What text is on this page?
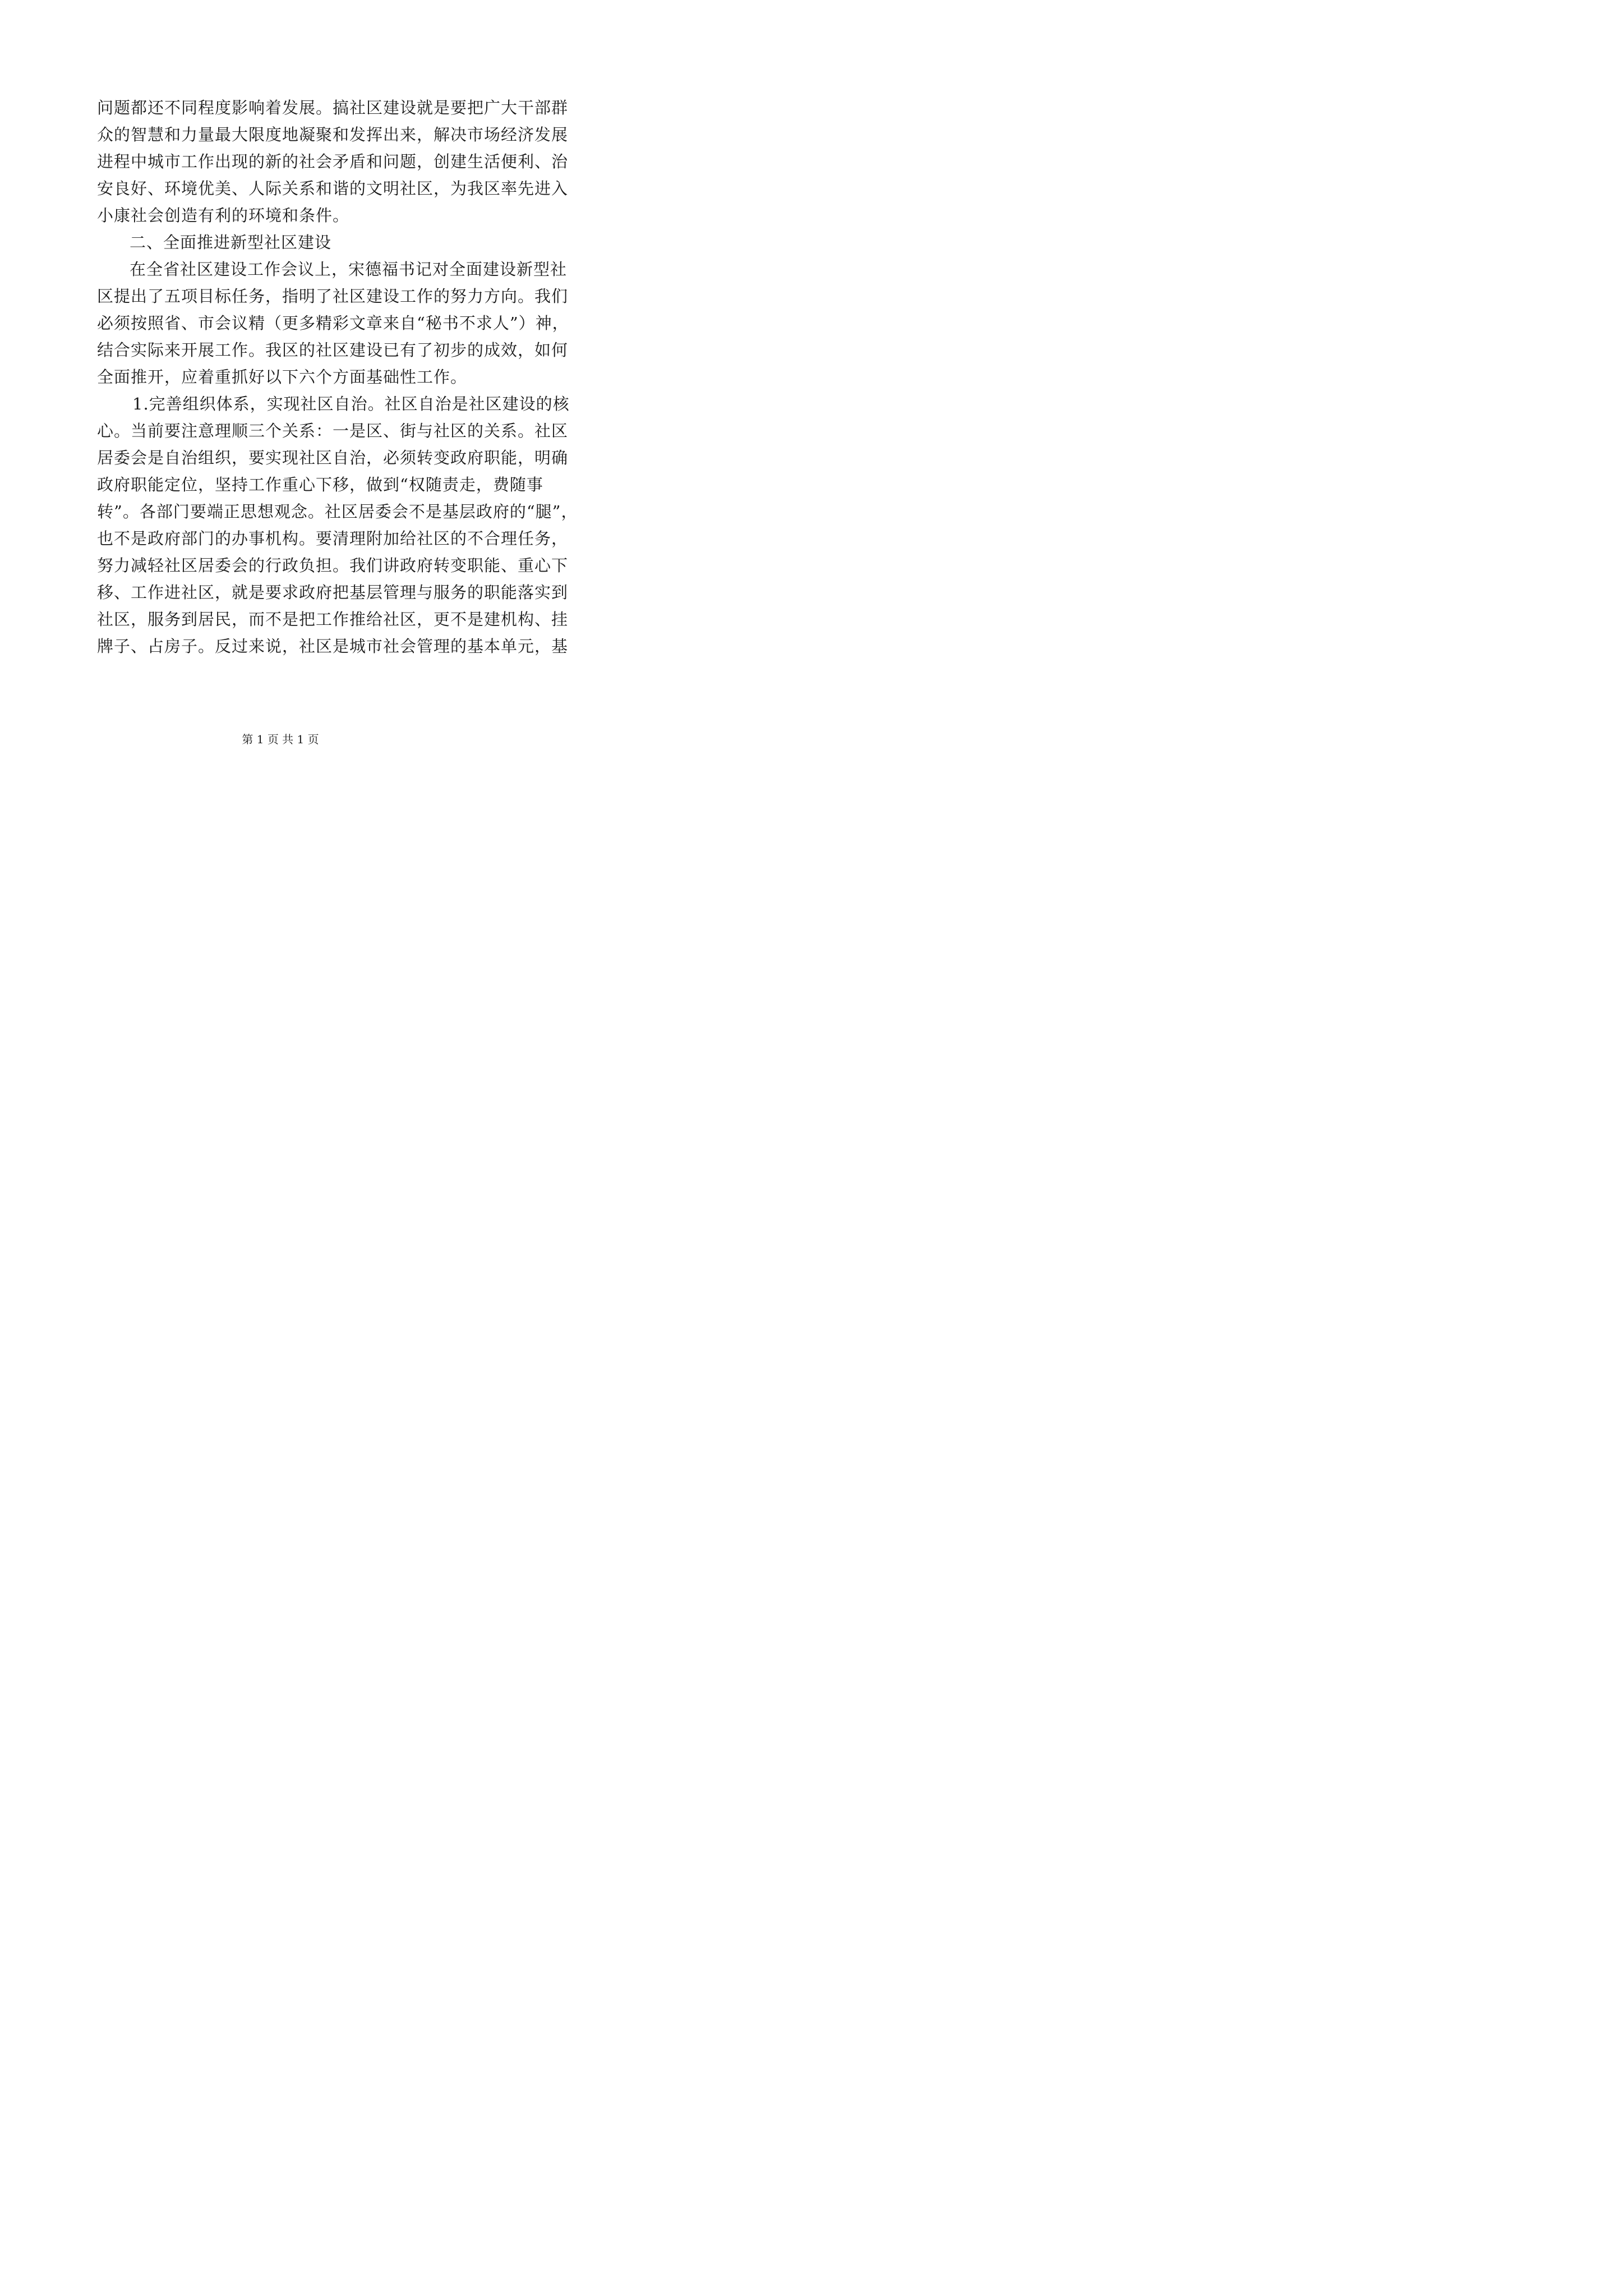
问题都还不同程度影响着发展。搞社区建设就是要把广大干部群
众的智慧和力量最大限度地凝聚和发挥出来，解决市场经济发展
进程中城市工作出现的新的社会矛盾和问题，创建生活便利、治
安良好、环境优美、人际关系和谐的文明社区，为我区率先进入
小康社会创造有利的环境和条件。
二、全面推进新型社区建设
在全省社区建设工作会议上，宋德福书记对全面建设新型社
区提出了五项目标任务，指明了社区建设工作的努力方向。我们
必须按照省、市会议精（更多精彩文章来自“秘书不求人”）神，
结合实际来开展工作。我区的社区建设已有了初步的成效，如何
全面推开，应着重抓好以下六个方面基础性工作。
1.完善组织体系，实现社区自治。社区自治是社区建设的核
心。当前要注意理顺三个关系：一是区、街与社区的关系。社区
居委会是自治组织，要实现社区自治，必须转变政府职能，明确
政府职能定位，坚持工作重心下移，做到“权随责走，费随事
转”。各部门要端正思想观念。社区居委会不是基层政府的“腿”，
也不是政府部门的办事机构。要清理附加给社区的不合理任务，
努力减轻社区居委会的行政负担。我们讲政府转变职能、重心下
移、工作进社区，就是要求政府把基层管理与服务的职能落实到
社区，服务到居民，而不是把工作推给社区，更不是建机构、挂
牌子、占房子。反过来说，社区是城市社会管理的基本单元，基
第 1 页 共 1 页
